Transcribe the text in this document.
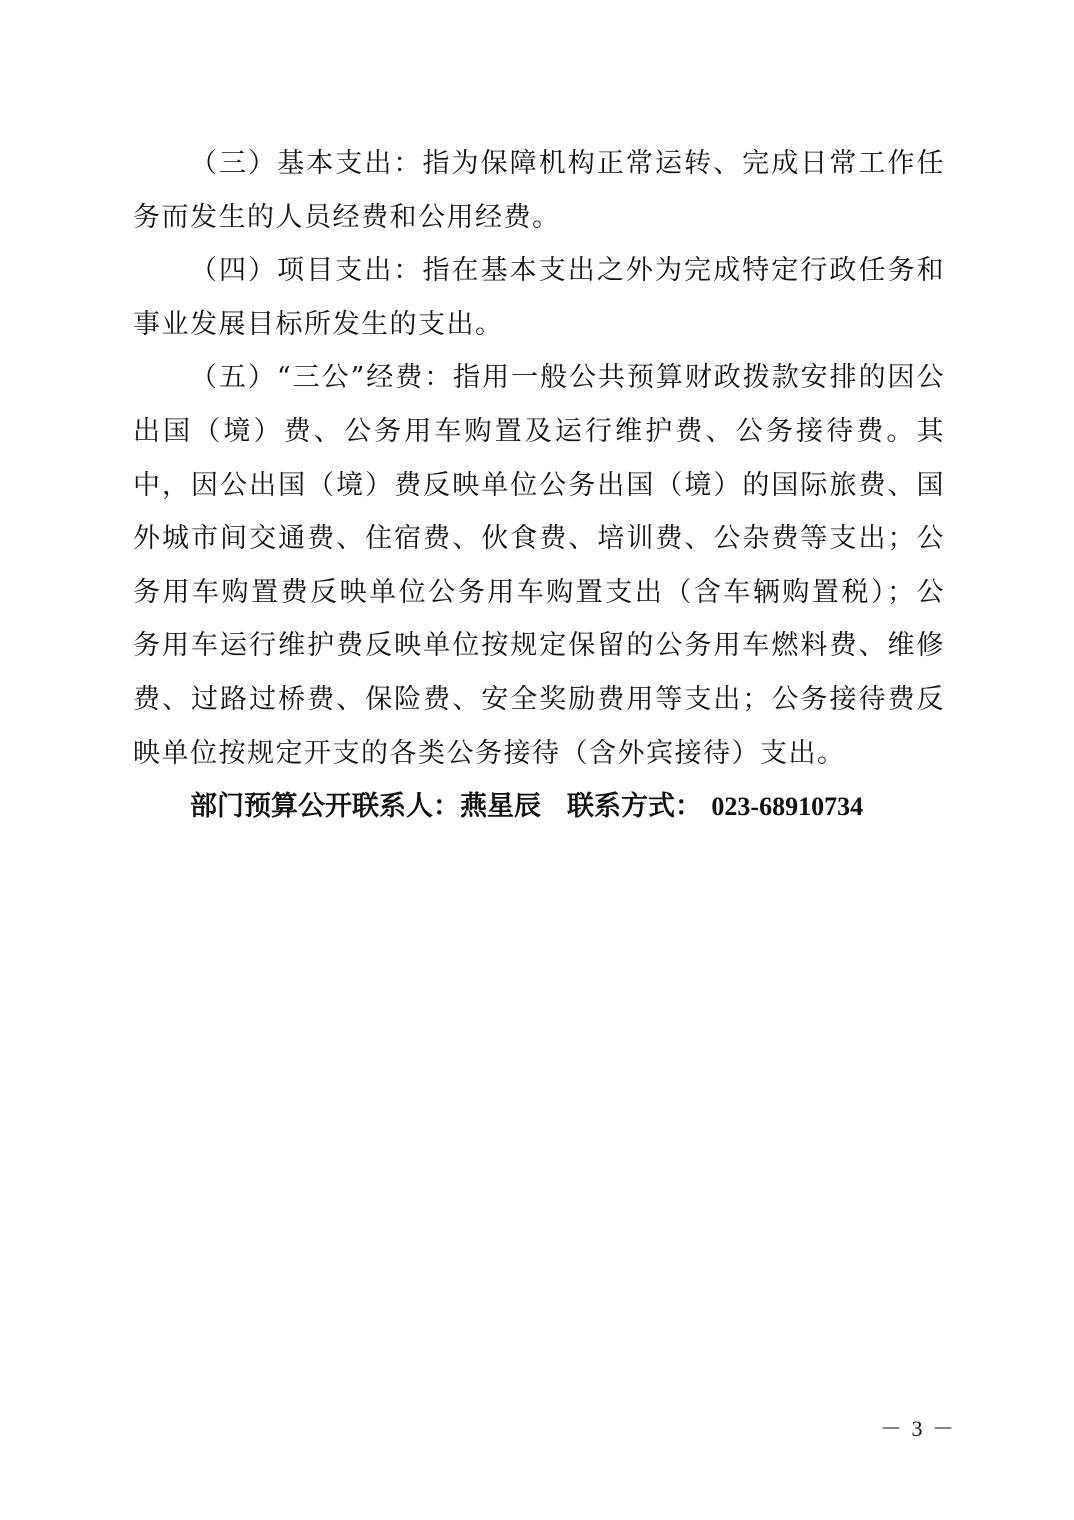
（三）基本支出：指为保障机构正常运转、完成日常工作任务而发生的人员经费和公用经费。

（四）项目支出：指在基本支出之外为完成特定行政任务和事业发展目标所发生的支出。

（五）“三公”经费：指用一般公共预算财政拨款安排的因公出国（境）费、公务用车购置及运行维护费、公务接待费。其中，因公出国（境）费反映单位公务出国（境）的国际旅费、国外城市间交通费、住宿费、伙食费、培训费、公杂费等支出；公务用车购置费反映单位公务用车购置支出（含车辆购置税）；公务用车运行维护费反映单位按规定保留的公务用车燃料费、维修费、过路过桥费、保险费、安全奖励费用等支出；公务接待费反映单位按规定开支的各类公务接待（含外宾接待）支出。

部门预算公开联系人：燕星辰 联系方式： 023-68910734

－ 3 －
